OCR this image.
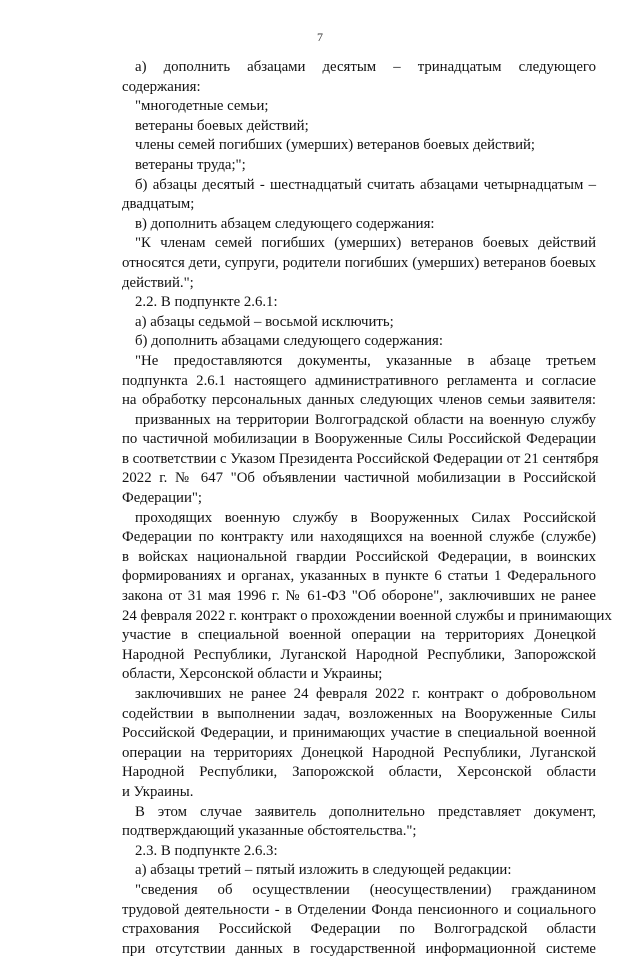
7
а) дополнить абзацами десятым – тринадцатым следующего
содержания:
"многодетные семьи;
ветераны боевых действий;
члены семей погибших (умерших) ветеранов боевых действий;
ветераны труда;";
б) абзацы десятый - шестнадцатый считать абзацами четырнадцатым –
двадцатым;
в) дополнить абзацем следующего содержания:
"К членам семей погибших (умерших) ветеранов боевых действий
относятся дети, супруги, родители погибших (умерших) ветеранов боевых
действий.";
2.2. В подпункте 2.6.1:
а) абзацы седьмой – восьмой исключить;
б) дополнить абзацами следующего содержания:
"Не предоставляются документы, указанные в абзаце третьем
подпункта 2.6.1 настоящего административного регламента и согласие
на обработку персональных данных следующих членов семьи заявителя:
призванных на территории Волгоградской области на военную службу
по частичной мобилизации в Вооруженные Силы Российской Федерации
в соответствии с Указом Президента Российской Федерации от 21 сентября
2022 г. № 647 "Об объявлении частичной мобилизации в Российской
Федерации";
проходящих военную службу в Вооруженных Силах Российской
Федерации по контракту или находящихся на военной службе (службе)
в войсках национальной гвардии Российской Федерации, в воинских
формированиях и органах, указанных в пункте 6 статьи 1 Федерального
закона от 31 мая 1996 г. № 61-ФЗ "Об обороне", заключивших не ранее
24 февраля 2022 г. контракт о прохождении военной службы и принимающих
участие в специальной военной операции на территориях Донецкой
Народной Республики, Луганской Народной Республики, Запорожской
области, Херсонской области и Украины;
заключивших не ранее 24 февраля 2022 г. контракт о добровольном
содействии в выполнении задач, возложенных на Вооруженные Силы
Российской Федерации, и принимающих участие в специальной военной
операции на территориях Донецкой Народной Республики, Луганской
Народной Республики, Запорожской области, Херсонской области
и Украины.
В этом случае заявитель дополнительно представляет документ,
подтверждающий указанные обстоятельства.";
2.3. В подпункте 2.6.3:
а) абзацы третий – пятый изложить в следующей редакции:
"сведения об осуществлении (неосуществлении) гражданином
трудовой деятельности - в Отделении Фонда пенсионного и социального
страхования Российской Федерации по Волгоградской области
при отсутствии данных в государственной информационной системе
